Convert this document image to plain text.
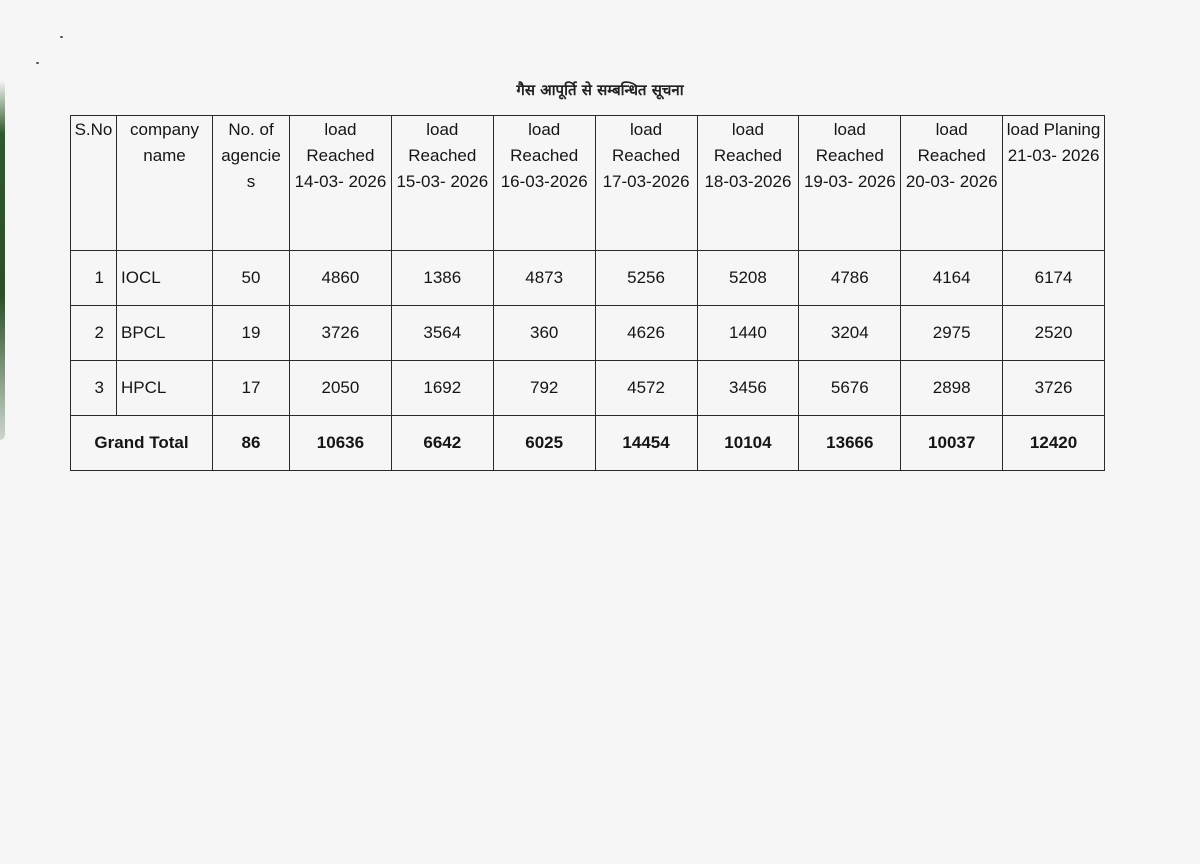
गैस आपूर्ति से सम्बन्धित सूचना
S.No	company name	No. of agencie s	load Reached 14-03- 2026	load Reached 15-03- 2026	load Reached 16-03-2026	load Reached 17-03-2026	load Reached 18-03-2026	load Reached 19-03- 2026	load Reached 20-03- 2026	load Planing 21-03- 2026
1	IOCL	50	4860	1386	4873	5256	5208	4786	4164	6174
2	BPCL	19	3726	3564	360	4626	1440	3204	2975	2520
3	HPCL	17	2050	1692	792	4572	3456	5676	2898	3726
Grand Total		86	10636	6642	6025	14454	10104	13666	10037	12420
